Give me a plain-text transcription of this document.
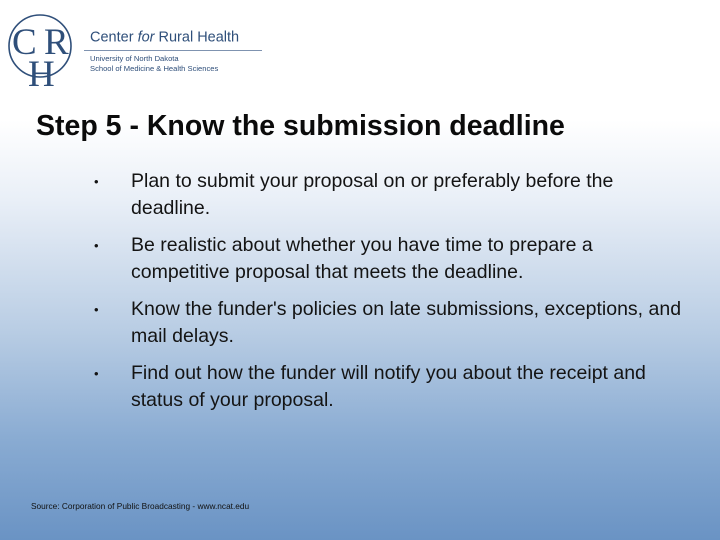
C R
H
Center for Rural Health
University of North Dakota
School of Medicine & Health Sciences
Step 5 - Know the submission deadline
• Plan to submit your proposal on or preferably before the deadline.
• Be realistic about whether you have time to prepare a competitive proposal that meets the deadline.
• Know the funder's policies on late submissions, exceptions, and mail delays.
• Find out how the funder will notify you about the receipt and status of your proposal.
Source: Corporation of Public Broadcasting - www.ncat.edu
